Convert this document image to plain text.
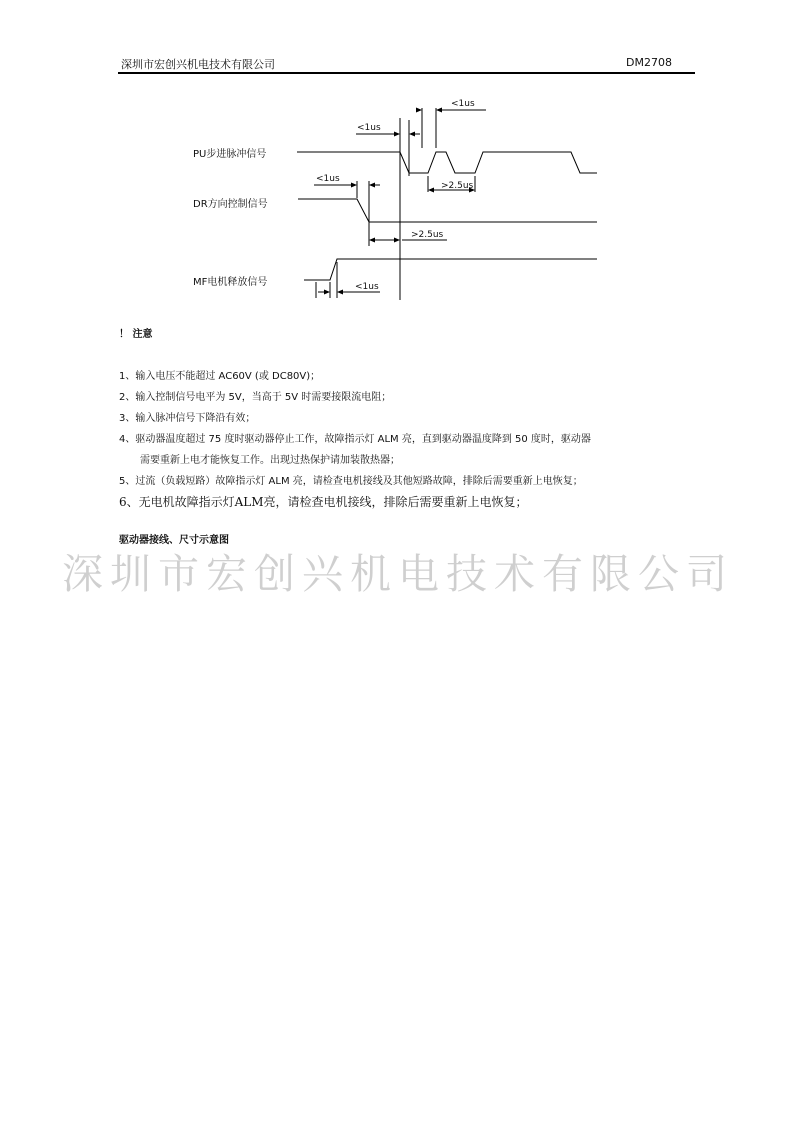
深圳市宏创兴机电技术有限公司	DM2708
PU步进脉冲信号
DR方向控制信号
MF电机释放信号
<1us
<1us
>2.5us
<1us
>2.5us
<1us
！ 注意

1、输入电压不能超过 AC60V (或 DC80V)；

2、输入控制信号电平为 5V，当高于 5V 时需要接限流电阻；

3、输入脉冲信号下降沿有效；

4、驱动器温度超过 75 度时驱动器停止工作，故障指示灯 ALM 亮，直到驱动器温度降到 50 度时，驱动器

需要重新上电才能恢复工作。出现过热保护请加装散热器；

5、过流（负载短路）故障指示灯 ALM 亮，请检查电机接线及其他短路故障，排除后需要重新上电恢复；

6、无电机故障指示灯ALM亮，请检查电机接线，排除后需要重新上电恢复；

驱动器接线、尺寸示意图
深圳市宏创兴机电技术有限公司
